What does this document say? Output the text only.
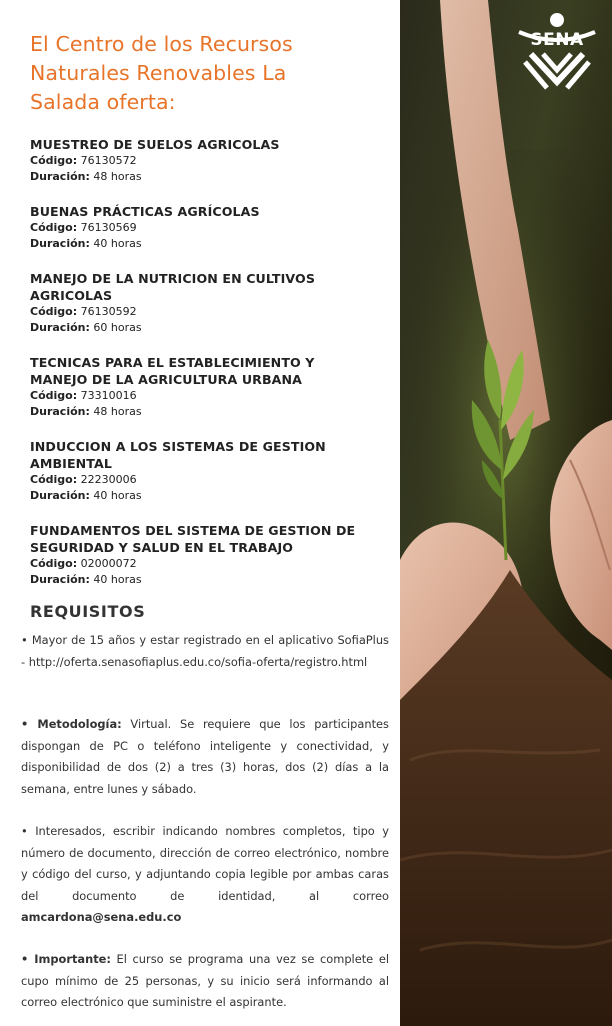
El Centro de los Recursos Naturales Renovables La Salada oferta:
MUESTREO DE SUELOS AGRICOLAS
Código: 76130572
Duración: 48 horas
BUENAS PRÁCTICAS AGRÍCOLAS
Código: 76130569
Duración: 40 horas
MANEJO DE LA NUTRICION EN CULTIVOS AGRICOLAS
Código: 76130592
Duración: 60 horas
TECNICAS PARA EL ESTABLECIMIENTO Y MANEJO DE LA AGRICULTURA URBANA
Código: 73310016
Duración: 48 horas
INDUCCION A LOS SISTEMAS DE GESTION AMBIENTAL
Código: 22230006
Duración: 40 horas
FUNDAMENTOS DEL SISTEMA DE GESTION DE SEGURIDAD Y SALUD EN EL TRABAJO
Código: 02000072
Duración: 40 horas
REQUISITOS
• Mayor de 15 años y estar registrado en el aplicativo SofiaPlus - http://oferta.senasofiaplus.edu.co/sofia-oferta/registro.html
• Metodología: Virtual. Se requiere que los participantes dispongan de PC o teléfono inteligente y conectividad, y disponibilidad de dos (2) a tres (3) horas, dos (2) días a la semana, entre lunes y sábado.
• Interesados, escribir indicando nombres completos, tipo y número de documento, dirección de correo electrónico, nombre y código del curso, y adjuntando copia legible por ambas caras del documento de identidad, al correo amcardona@sena.edu.co
• Importante: El curso se programa una vez se complete el cupo mínimo de 25 personas, y su inicio será informando al correo electrónico que suministre el aspirante.
SENA
